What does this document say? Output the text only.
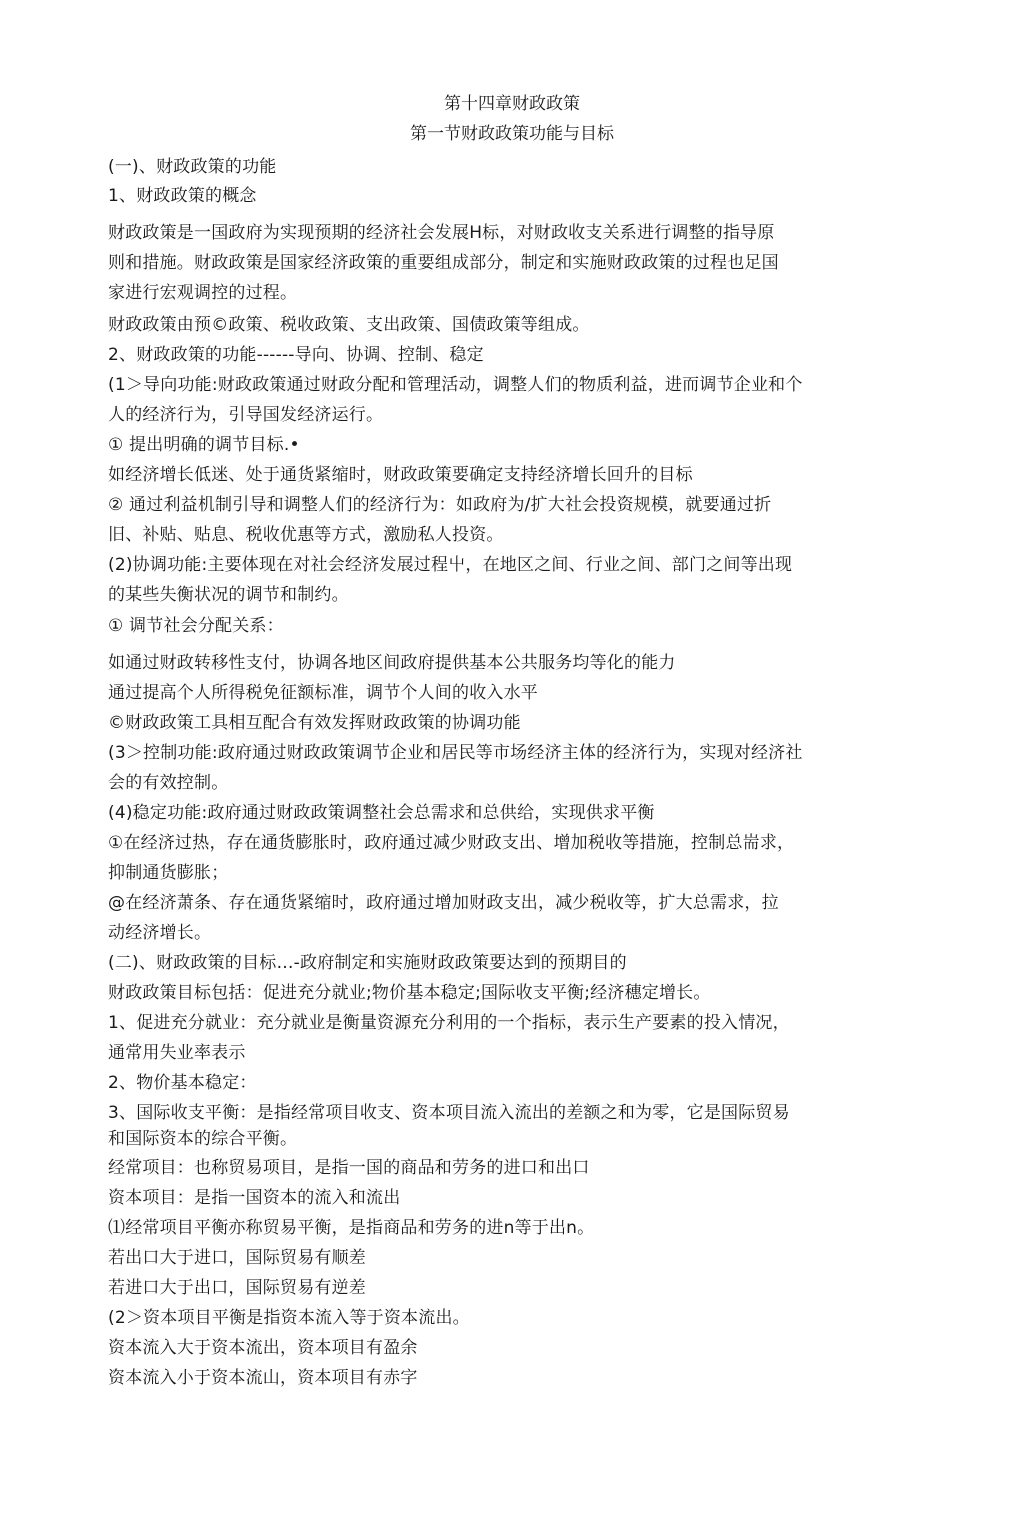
第十四章财政政策
第一节财政政策功能与目标
(一)、财政政策的功能
1、财政政策的概念
财政政策是一国政府为实现预期的经济社会发展H标，对财政收支关系进行调整的指导原
则和措施。财政政策是国家经济政策的重要组成部分，制定和实施财政政策的过程也足国
家进行宏观调控的过程。
财政政策由预©政策、税收政策、支出政策、国债政策等组成。
2、财政政策的功能------导向、协调、控制、稳定
(1＞导向功能:财政政策通过财政分配和管理活动，调整人们的物质利益，进而调节企业和个
人的经济行为，引导国发经济运行。
① 提出明确的调节目标.•
如经济增长低迷、处于通货紧缩时，财政政策要确定支持经济增长回升的目标
② 通过利益机制引导和调整人们的经济行为：如政府为/扩大社会投资规模，就要通过折
旧、补贴、贴息、税收优惠等方式，激励私人投资。
(2)协调功能:主要体现在对社会经济发展过程屮，在地区之间、行业之间、部门之间等出现
的某些失衡状况的调节和制约。
① 调节社会分配关系：
如通过财政转移性支付，协调各地区间政府提供基本公共服务均等化的能力
通过提高个人所得税免征额标准，调节个人间的收入水平
©财政政策工具相互配合有效发挥财政政策的协调功能
(3＞控制功能:政府通过财政政策调节企业和居民等市场经济主体的经济行为，实现对经济社
会的有效控制。
(4)稳定功能:政府通过财政政策调整社会总需求和总供给，实现供求平衡
①在经济过热，存在通货膨胀时，政府通过减少财政支出、增加税收等措施，控制总耑求，
抑制通货膨胀；
@在经济萧条、存在通货紧缩时，政府通过增加财政支出，减少税收等，扩大总需求，拉
动经济增长。
(二)、财政政策的目标…-政府制定和实施财政政策要达到的预期目的
财政政策目标包括：促进充分就业;物价基本稳定;国际收支平衡;经济穗定增长。
1、促进充分就业：充分就业是衡量资源充分利用的一个指标，表示生产要素的投入情况，
通常用失业率表示
2、物价基本稳定：
3、国际收支平衡：是指经常项目收支、资本项目流入流出的差额之和为零，它是国际贸易
和国际资本的综合平衡。
经常项目：也称贸易项目，是指一国的商品和劳务的进口和出口
资本项目：是指一国资本的流入和流出
⑴经常项目平衡亦称贸易平衡，是指商品和劳务的进n等于出n。
若出口大于进口，国际贸易有顺差
若进口大于出口，国际贸易有逆差
(2＞资本项目平衡是指资本流入等于资本流出。
资本流入大于资本流出，资本项目有盈余
资本流入小于资本流山，资本项目有赤字
